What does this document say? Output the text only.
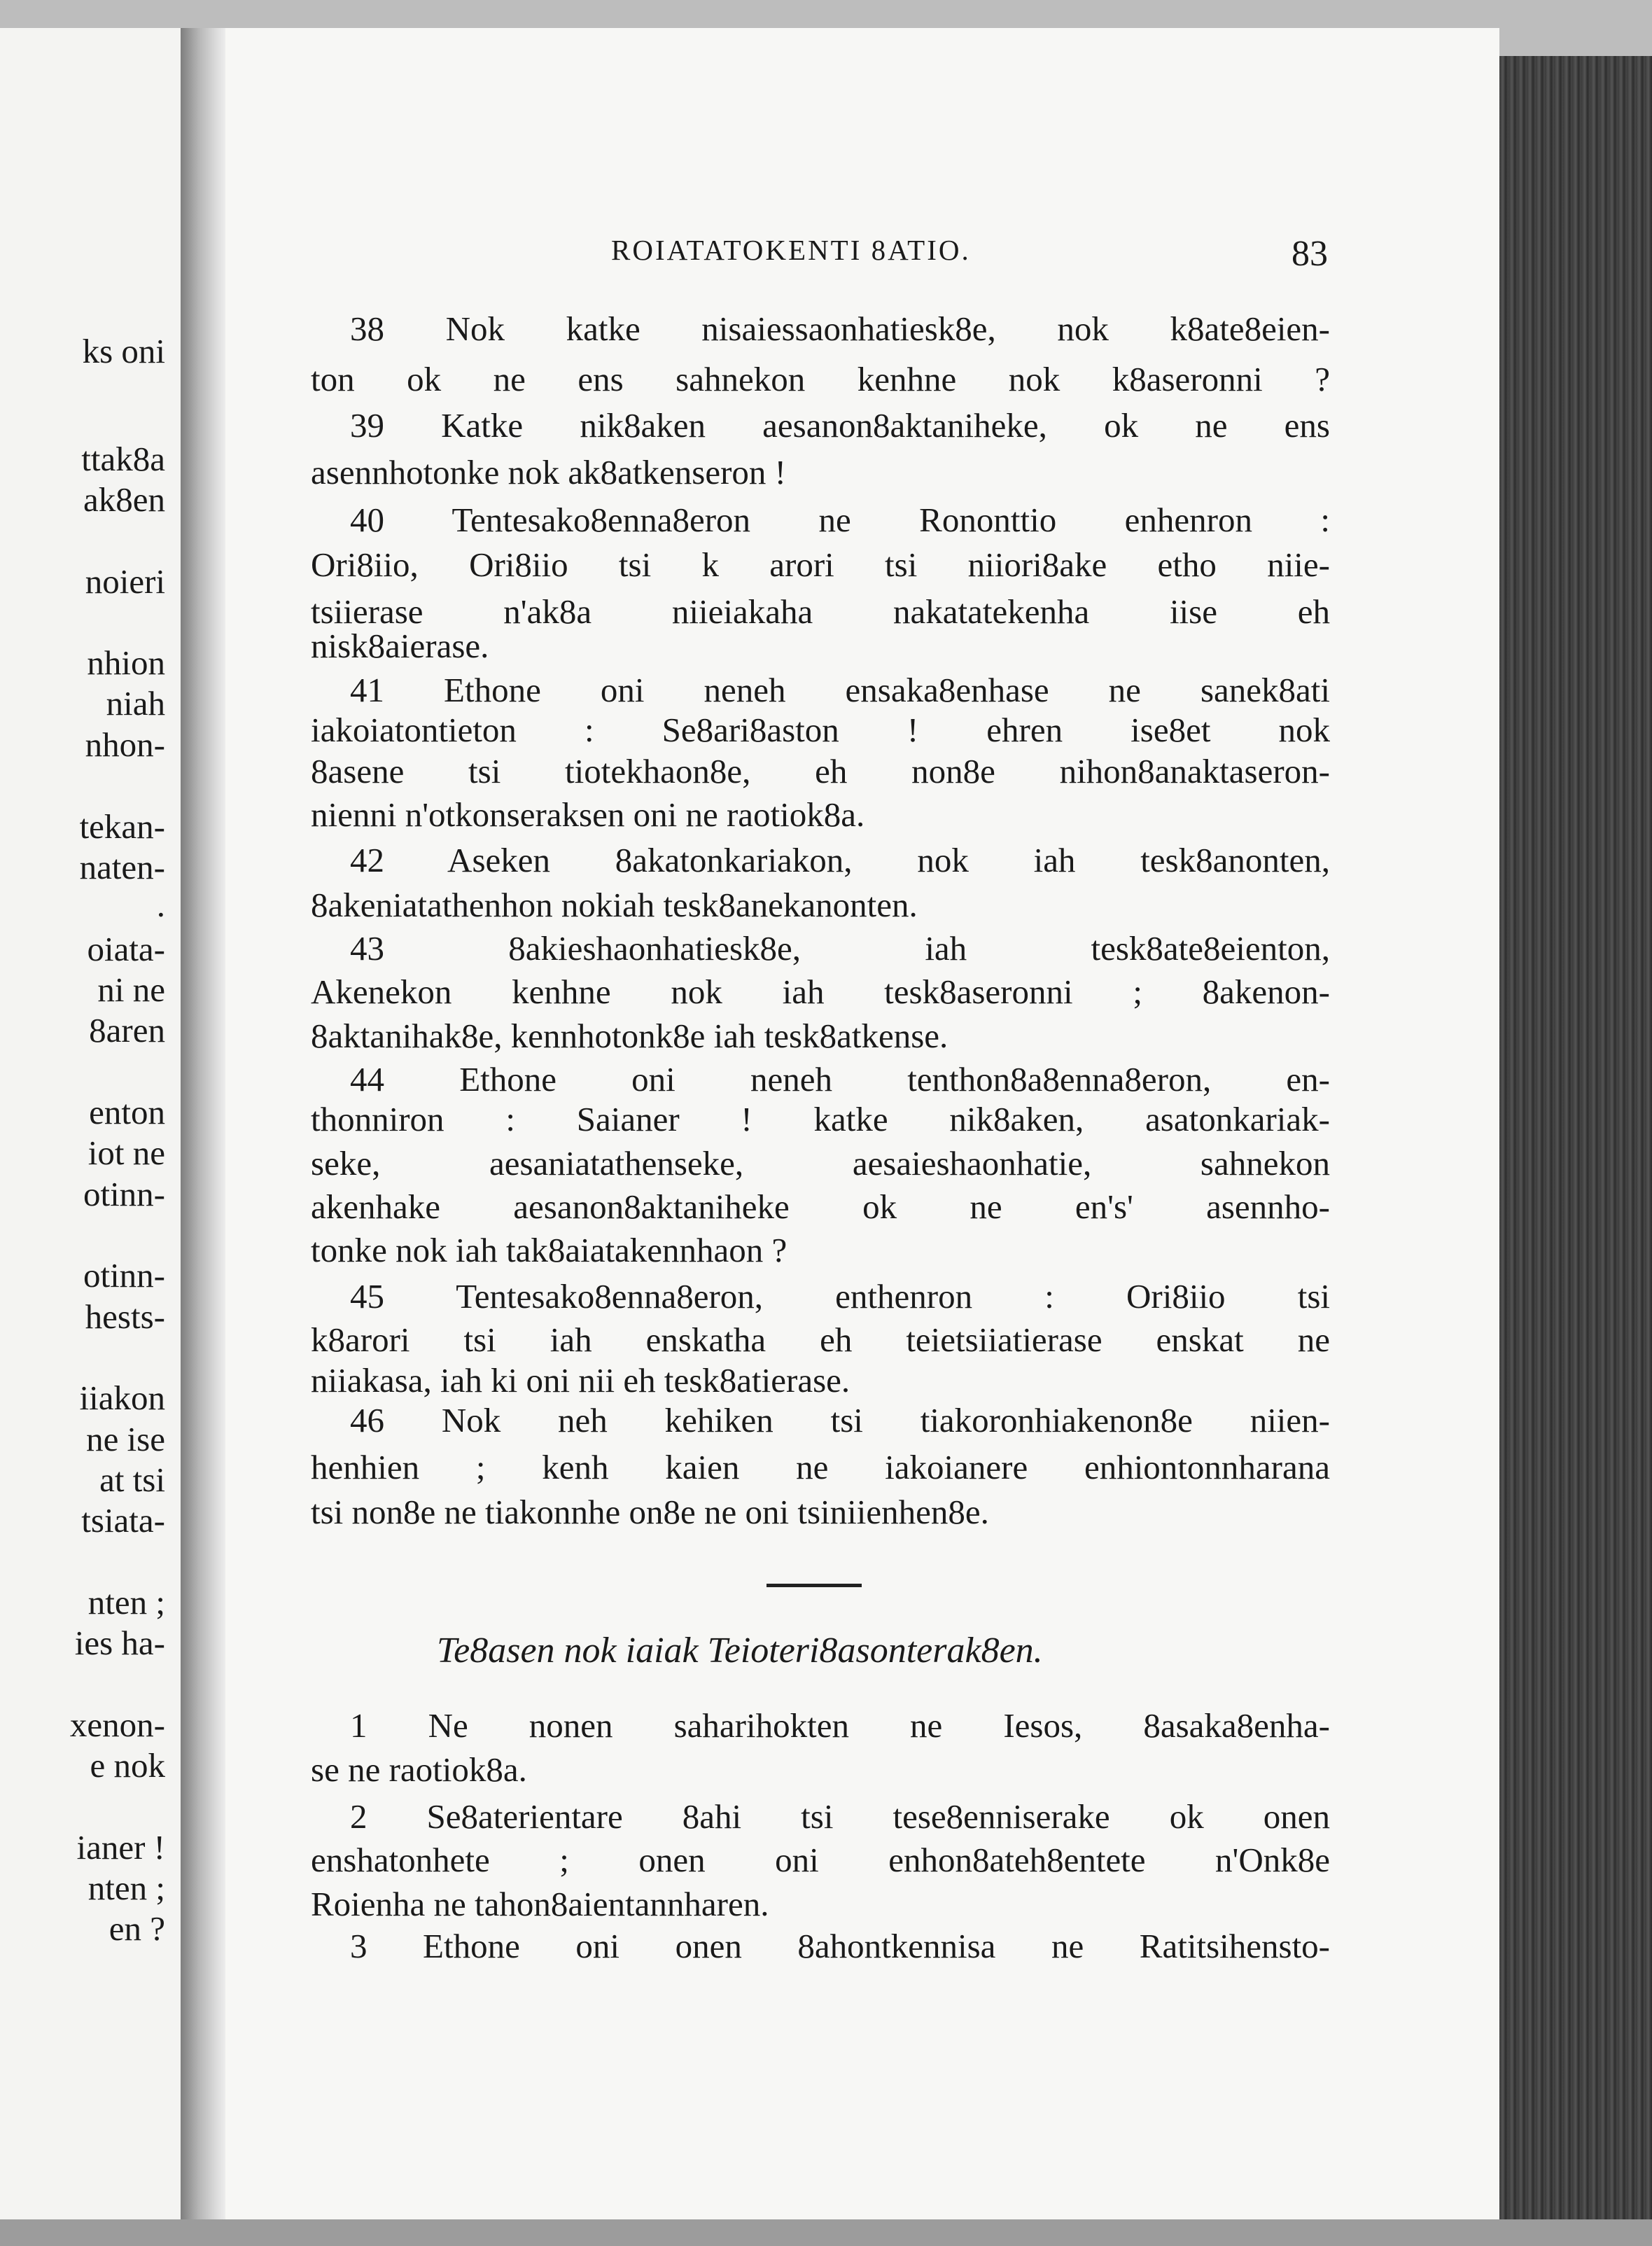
ks oni
ttak8a
ak8en
noieri
nhion
niah
nhon-
tekan-
naten-
.
oiata-
ni ne
8aren
enton
iot ne
otinn-
otinn-
hests-
iiakon
ne ise
at tsi
tsiata-
nten ;
ies ha-
xenon-
e nok
ianer !
nten ;
en ?
ROIATATOKENTI 8ATIO.	83
38 Nok katke nisaiessaonhatiesk8e, nok k8ate8eien-
ton ok ne ens sahnekon kenhne nok k8aseronni ?
39 Katke nik8aken aesanon8aktaniheke, ok ne ens
asennhotonke nok ak8atkenseron !
40 Tentesako8enna8eron ne Rononttio enhenron :
Ori8iio, Ori8iio tsi k arori tsi niiori8ake etho niie-
tsiierase n'ak8a niieiakaha nakatatekenha iise eh
nisk8aierase.
41 Ethone oni neneh ensaka8enhase ne sanek8ati
iakoiatontieton : Se8ari8aston ! ehren ise8et nok
8asene tsi tiotekhaon8e, eh non8e nihon8anaktaseron-
nienni n'otkonseraksen oni ne raotiok8a.
42 Aseken 8akatonkariakon, nok iah tesk8anonten,
8akeniatathenhon nokiah tesk8anekanonten.
43 8akieshaonhatiesk8e, iah tesk8ate8eienton,
Akenekon kenhne nok iah tesk8aseronni ; 8akenon-
8aktanihak8e, kennhotonk8e iah tesk8atkense.
44 Ethone oni neneh tenthon8a8enna8eron, en-
thonniron : Saianer ! katke nik8aken, asatonkariak-
seke, aesaniatathenseke, aesaieshaonhatie, sahnekon
akenhake aesanon8aktaniheke ok ne en's' asennho-
tonke nok iah tak8aiatakennhaon ?
45 Tentesako8enna8eron, enthenron : Ori8iio tsi
k8arori tsi iah enskatha eh teietsiiatierase enskat ne
niiakasa, iah ki oni nii eh tesk8atierase.
46 Nok neh kehiken tsi tiakoronhiakenon8e niien-
henhien ; kenh kaien ne iakoianere enhiontonnharana
tsi non8e ne tiakonnhe on8e ne oni tsiniienhen8e.
Te8asen nok iaiak Teioteri8asonterak8en.
1 Ne nonen saharihokten ne Iesos, 8asaka8enha-
se ne raotiok8a.
2 Se8aterientare 8ahi tsi tese8enniserake ok onen
enshatonhete ; onen oni enhon8ateh8entete n'Onk8e
Roienha ne tahon8aientannharen.
3 Ethone oni onen 8ahontkennisa ne Ratitsihensto-
